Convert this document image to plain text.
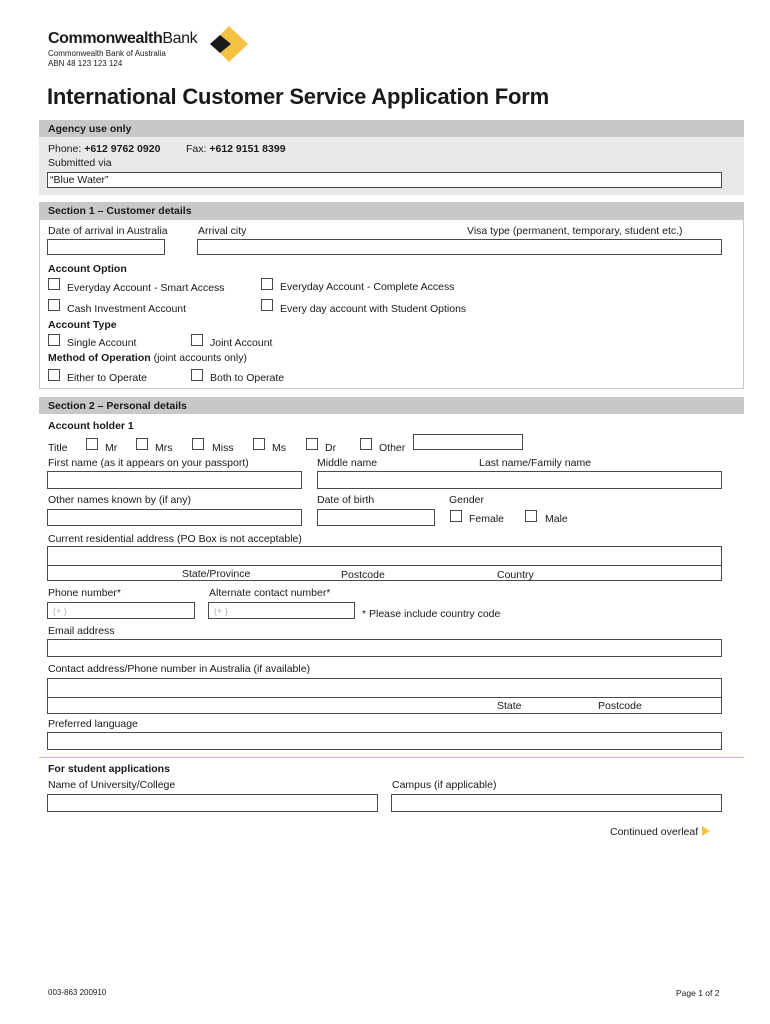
CommonwealthBank
Commonwealth Bank of Australia
ABN 48 123 123 124
International Customer Service Application Form
Agency use only
Phone: +612 9762 0920 Fax: +612 9151 8399
Submitted via
“Blue Water”
Section 1 – Customer details
Date of arrival in Australia	Arrival city	Visa type (permanent, temporary, student etc.)
Account Option
Everyday Account - Smart Access	Everyday Account - Complete Access
Cash Investment Account	Every day account with Student Options
Account Type
Single Account	Joint Account
Method of Operation (joint accounts only)
Either to Operate	Both to Operate
Section 2 – Personal details
Account holder 1
Title	Mr	Mrs	Miss	Ms	Dr	Other
First name (as it appears on your passport)	Middle name	Last name/Family name
Other names known by (if any)	Date of birth	Gender
Female	Male
Current residential address (PO Box is not acceptable)
State/Province	Postcode	Country
Phone number*	Alternate contact number*
(+ )	(+ )	* Please include country code
Email address
Contact address/Phone number in Australia (if available)
State	Postcode
Preferred language
For student applications
Name of University/College	Campus (if applicable)
Continued overleaf
003-863 200910	Page 1 of 2
